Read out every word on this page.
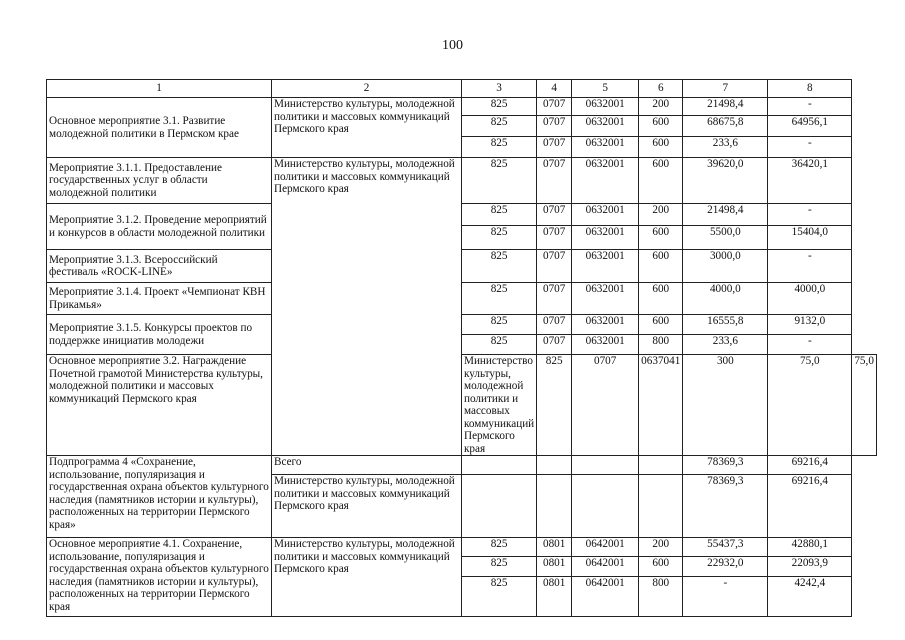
100
1	2	3	4	5	6	7	8	
Основное мероприятие 3.1. Развитие молодежной политики в Пермском крае	Министерство культуры, молодежной политики и массовых коммуникаций Пермского края	825	0707	0632001	200	21498,4	-	
		825	0707	0632001	600	68675,8	64956,1	
		825	0707	0632001	600	233,6	-	
Мероприятие 3.1.1. Предоставление государственных услуг в области молодежной политики	Министерство культуры, молодежной политики и массовых коммуникаций Пермского края	825	0707	0632001	600	39620,0	36420,1	
Мероприятие 3.1.2. Проведение мероприятий и конкурсов в области молодежной политики		825	0707	0632001	200	21498,4	-	
		825	0707	0632001	600	5500,0	15404,0	
Мероприятие 3.1.3. Всероссийский фестиваль «ROCK-LINE»		825	0707	0632001	600	3000,0	-	
Мероприятие 3.1.4. Проект «Чемпионат КВН Прикамья»		825	0707	0632001	600	4000,0	4000,0	
Мероприятие 3.1.5. Конкурсы проектов по поддержке инициатив молодежи		825	0707	0632001	600	16555,8	9132,0	
		825	0707	0632001	800	233,6	-	
Основное мероприятие 3.2. Награждение Почетной грамотой Министерства культуры, молодежной политики и массовых коммуникаций Пермского края		Министерство культуры, молодежной политики и массовых коммуникаций Пермского края	825	0707	0637041	300	75,0	75,0
Подпрограмма 4 «Сохранение, использование, популяризация и государственная охрана объектов культурного наследия (памятников истории и культуры), расположенных на территории Пермского края»	Всего					78369,3	69216,4	
	Министерство культуры, молодежной политики и массовых коммуникаций Пермского края					78369,3	69216,4	
Основное мероприятие 4.1. Сохранение, использование, популяризация и государственная охрана объектов культурного наследия (памятников истории и культуры), расположенных на территории Пермского края	Министерство культуры, молодежной политики и массовых коммуникаций Пермского края	825	0801	0642001	200	55437,3	42880,1	
		825	0801	0642001	600	22932,0	22093,9	
		825	0801	0642001	800	-	4242,4	
